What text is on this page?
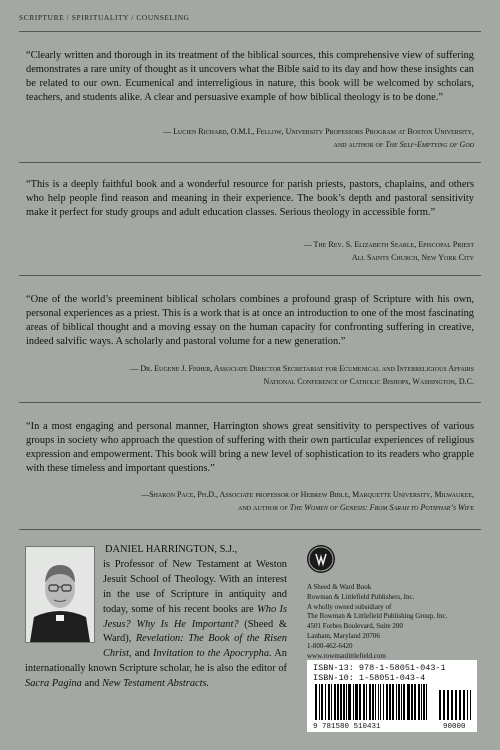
SCRIPTURE / SPIRITUALITY / COUNSELING
“Clearly written and thorough in its treatment of the biblical sources, this comprehensive view of suffering demonstrates a rare unity of thought as it uncovers what the Bible said to its day and how these insights can be related to our own. Ecumenical and interreligious in nature, this book will be welcomed by scholars, teachers, and students alike. A clear and persuasive example of how biblical theology is to be done.”
— Lucien Richard, O.M.I., Fellow, University Professors Program at Boston University,
and author of The Self-Emptying of God
“This is a deeply faithful book and a wonderful resource for parish priests, pastors, chaplains, and others who help people find reason and meaning in their experience. The book’s depth and pastoral sensitivity make it perfect for study groups and adult education classes. Serious theology in accessible form.”
— The Rev. S. Elizabeth Searle, Episcopal Priest
All Saints Church, New York City
“One of the world’s preeminent biblical scholars combines a profound grasp of Scripture with his own, personal experiences as a priest. This is a work that is at once an introduction to one of the most fascinating areas of biblical thought and a moving essay on the human capacity for confronting suffering in creative, indeed salvific ways. A scholarly and pastoral volume for a new generation.”
— Dr. Eugene J. Fisher, Associate Director Secretariat for Ecumenical and Interreligious Affairs
National Conference of Catholic Bishops, Washington, D.C.
“In a most engaging and personal manner, Harrington shows great sensitivity to perspectives of various groups in society who approach the question of suffering with their own particular experiences of religious expression and empowerment. This book will bring a new level of sophistication to its readers who grapple with these timeless and important questions.”
—Sharon Pace, Ph.D., Associate professor of Hebrew Bible, Marquette University, Milwaukee,
and author of The Women of Genesis: From Sarah to Potiphar’s Wife
DANIEL HARRINGTON, S.J.,
is Professor of New Testament at Weston Jesuit School of Theology. With an interest in the use of Scripture in antiquity and today, some of his recent books are Who Is Jesus? Why Is He Important? (Sheed & Ward), Revelation: The Book of the Risen Christ, and Invitation to the Apocrypha. An internationally known Scripture scholar, he is also the editor of Sacra Pagina and New Testament Abstracts.
A Sheed & Ward Book
Rowman & Littlefield Publishers, Inc.
A wholly owned subsidiary of
The Rowman & Littlefield Publishing Group, Inc.
4501 Forbes Boulevard, Suite 200
Lanham, Maryland 20706
1-800-462-6420
www.rowmanlittlefield.com
ISBN-13: 978-1-58051-043-1
ISBN-10: 1-58051-043-4
9 781580 510431	90000
